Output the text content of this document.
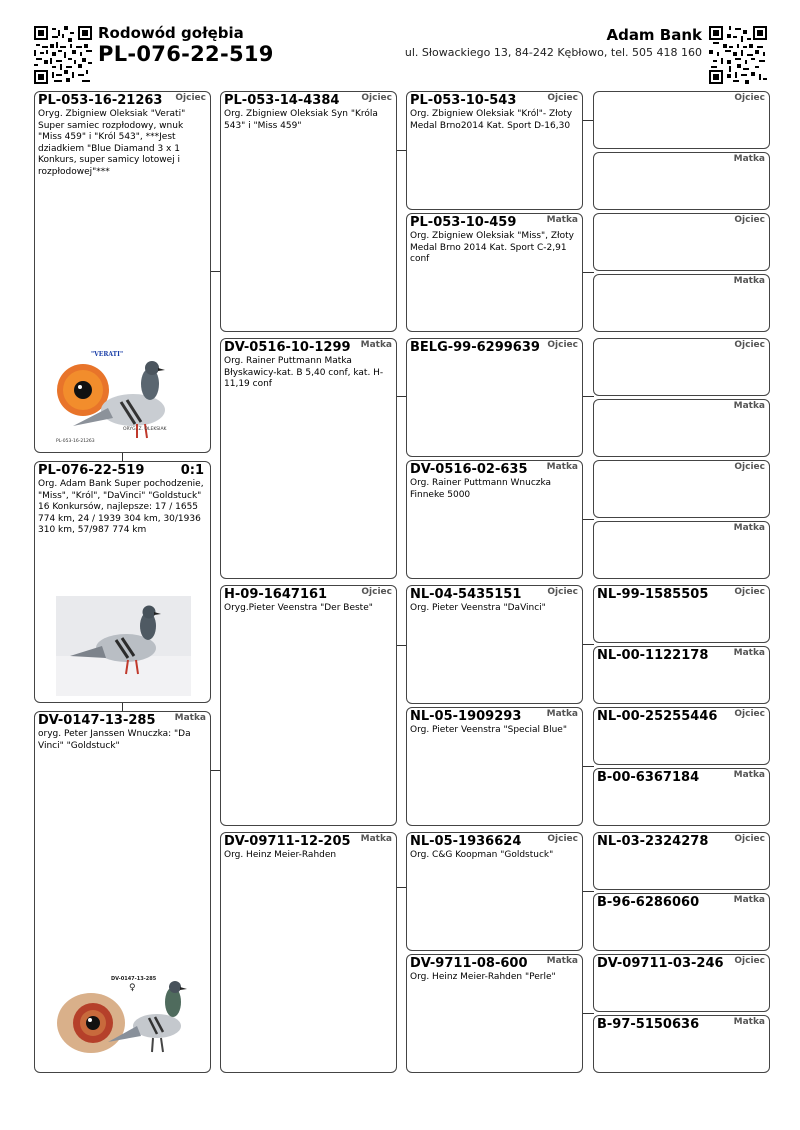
Rodowód gołębia
PL-076-22-519
Adam Bank
ul. Słowackiego 13, 84-242 Kębłowo, tel. 505 418 160
PL-053-16-21263 Ojciec
Oryg. Zbigniew Oleksiak "Verati" Super samiec rozpłodowy, wnuk "Miss 459" i "Król 543", ***Jest dziadkiem "Blue Diamand 3 x 1 Konkurs, super samicy lotowej i rozpłodowej"***
"VERATI"
ORYG. Z. OLEKSIAK
PL-053-16-21263
PL-076-22-519	0:1
Org. Adam Bank Super pochodzenie, "Miss", "Król", "DaVinci" "Goldstuck" 16 Konkursów, najlepsze: 17 / 1655 774 km, 24 / 1939 304 km, 30/1936 310 km, 57/987 774 km
DV-0147-13-285 Matka
oryg. Peter Janssen Wnuczka: "Da Vinci" "Goldstuck"
DV-0147-13-285
♀
PL-053-14-4384 Ojciec
Org. Zbigniew Oleksiak Syn "Króla 543" i "Miss 459"
DV-0516-10-1299 Matka
Org. Rainer Puttmann Matka Błyskawicy-kat. B 5,40 conf, kat. H-11,19 conf
H-09-1647161	Ojciec
Oryg.Pieter Veenstra "Der Beste"
DV-09711-12-205 Matka
Org. Heinz Meier-Rahden
PL-053-10-543	Ojciec
Org. Zbigniew Oleksiak "Król"- Złoty Medal Brno2014 Kat. Sport D-16,30
PL-053-10-459	Matka
Org. Zbigniew Oleksiak "Miss", Złoty Medal Brno 2014 Kat. Sport C-2,91 conf
BELG-99-6299639 Ojciec
DV-0516-02-635 Matka
Org. Rainer Puttmann Wnuczka Finneke 5000
NL-04-5435151	Ojciec
Org. Pieter Veenstra "DaVinci"
NL-05-1909293	Matka
Org. Pieter Veenstra "Special Blue"
NL-05-1936624	Ojciec
Org. C&G Koopman "Goldstuck"
DV-9711-08-600 Matka
Org. Heinz Meier-Rahden "Perle"
Ojciec
Matka
Ojciec
Matka
Ojciec
Matka
Ojciec
Matka
NL-99-1585505	Ojciec
NL-00-1122178	Matka
NL-00-25255446 Ojciec
B-00-6367184	Matka
NL-03-2324278	Ojciec
B-96-6286060	Matka
DV-09711-03-246 Ojciec
B-97-5150636	Matka
